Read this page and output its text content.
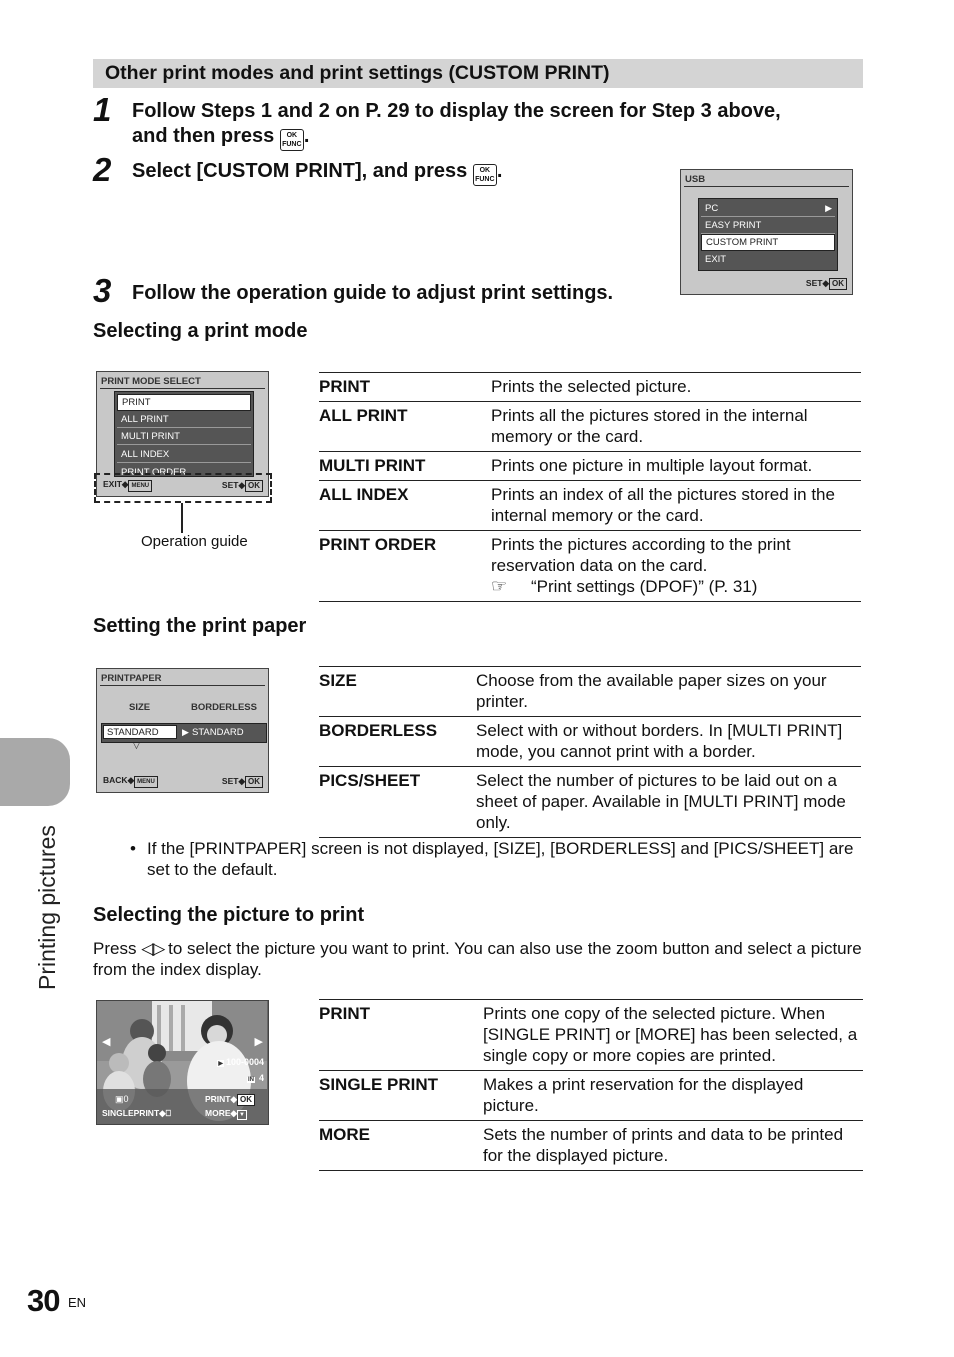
Other print modes and print settings (CUSTOM PRINT)
1 Follow Steps 1 and 2 on P. 29 to display the screen for Step 3 above,
and then press OK
FUNC .
2 Select [CUSTOM PRINT], and press OK
FUNC .	USB
PC	▶
EASY PRINT
CUSTOM PRINT
EXIT
SET◆ OK
3 Follow the operation guide to adjust print settings.
Selecting a print mode
PRINT MODE SELECT
PRINT
ALL PRINT
MULTI PRINT
ALL INDEX
PRINT ORDER
EXIT◆ MENU	SET◆ OK
Operation guide
PRINT	Prints the selected picture.
ALL PRINT	Prints all the pictures stored in the internal memory or the card.
MULTI PRINT	Prints one picture in multiple layout format.
ALL INDEX	Prints an index of all the pictures stored in the internal memory or the card.
PRINT ORDER	Prints the pictures according to the print reservation data on the card.
☞ “Print settings (DPOF)” (P. 31)
Setting the print paper
PRINTPAPER
SIZE	BORDERLESS
STANDARD	▶ STANDARD
▽
BACK◆ MENU	SET◆ OK
SIZE	Choose from the available paper sizes on your printer.
BORDERLESS	Select with or without borders. In [MULTI PRINT] mode, you cannot print with a border.
PICS/SHEET	Select the number of pictures to be laid out on a sheet of paper. Available in [MULTI PRINT] mode only.
• If the [PRINTPAPER] screen is not displayed, [SIZE], [BORDERLESS] and [PICS/SHEET] are set to the default.
Selecting the picture to print
Press ◁▷ to select the picture you want to print. You can also use the zoom button and select a picture from the index display.
◀	▶
▶ 100-0004
IN 4
▣0	PRINT◆ OK
SINGLEPRINT◆⎕	MORE◆ ▼
PRINT	Prints one copy of the selected picture. When [SINGLE PRINT] or [MORE] has been selected, a single copy or more copies are printed.
SINGLE PRINT	Makes a print reservation for the displayed picture.
MORE	Sets the number of prints and data to be printed for the displayed picture.
Printing pictures
30 EN
